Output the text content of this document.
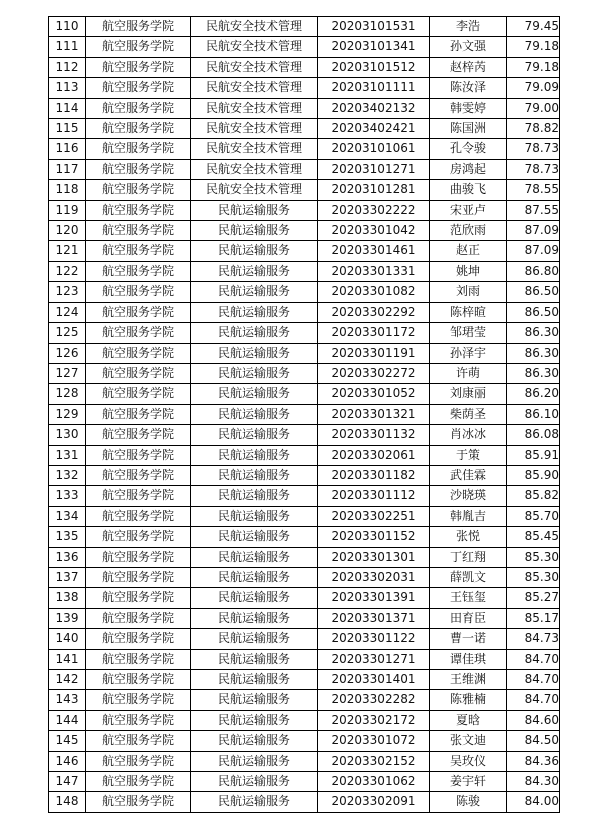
110	航空服务学院	民航安全技术管理	20203101531	李浩	79.45
111	航空服务学院	民航安全技术管理	20203101341	孙文强	79.18
112	航空服务学院	民航安全技术管理	20203101512	赵梓芮	79.18
113	航空服务学院	民航安全技术管理	20203101111	陈汝泽	79.09
114	航空服务学院	民航安全技术管理	20203402132	韩雯婷	79.00
115	航空服务学院	民航安全技术管理	20203402421	陈国洲	78.82
116	航空服务学院	民航安全技术管理	20203101061	孔令骏	78.73
117	航空服务学院	民航安全技术管理	20203101271	房鸿起	78.73
118	航空服务学院	民航安全技术管理	20203101281	曲骏飞	78.55
119	航空服务学院	民航运输服务	20203302222	宋亚卢	87.55
120	航空服务学院	民航运输服务	20203301042	范欣雨	87.09
121	航空服务学院	民航运输服务	20203301461	赵正	87.09
122	航空服务学院	民航运输服务	20203301331	姚坤	86.80
123	航空服务学院	民航运输服务	20203301082	刘雨	86.50
124	航空服务学院	民航运输服务	20203302292	陈梓暄	86.50
125	航空服务学院	民航运输服务	20203301172	邹珺莹	86.30
126	航空服务学院	民航运输服务	20203301191	孙泽宇	86.30
127	航空服务学院	民航运输服务	20203302272	许萌	86.30
128	航空服务学院	民航运输服务	20203301052	刘康丽	86.20
129	航空服务学院	民航运输服务	20203301321	柴荫圣	86.10
130	航空服务学院	民航运输服务	20203301132	肖冰冰	86.08
131	航空服务学院	民航运输服务	20203302061	于策	85.91
132	航空服务学院	民航运输服务	20203301182	武佳霖	85.90
133	航空服务学院	民航运输服务	20203301112	沙晓瑛	85.82
134	航空服务学院	民航运输服务	20203302251	韩胤吉	85.70
135	航空服务学院	民航运输服务	20203301152	张悦	85.45
136	航空服务学院	民航运输服务	20203301301	丁红翔	85.30
137	航空服务学院	民航运输服务	20203302031	薛凯文	85.30
138	航空服务学院	民航运输服务	20203301391	王钰玺	85.27
139	航空服务学院	民航运输服务	20203301371	田育臣	85.17
140	航空服务学院	民航运输服务	20203301122	曹一诺	84.73
141	航空服务学院	民航运输服务	20203301271	谭佳琪	84.70
142	航空服务学院	民航运输服务	20203301401	王维渊	84.70
143	航空服务学院	民航运输服务	20203302282	陈雅楠	84.70
144	航空服务学院	民航运输服务	20203302172	夏晗	84.60
145	航空服务学院	民航运输服务	20203301072	张文迪	84.50
146	航空服务学院	民航运输服务	20203302152	吴玫仪	84.36
147	航空服务学院	民航运输服务	20203301062	姜宇轩	84.30
148	航空服务学院	民航运输服务	20203302091	陈骏	84.00
